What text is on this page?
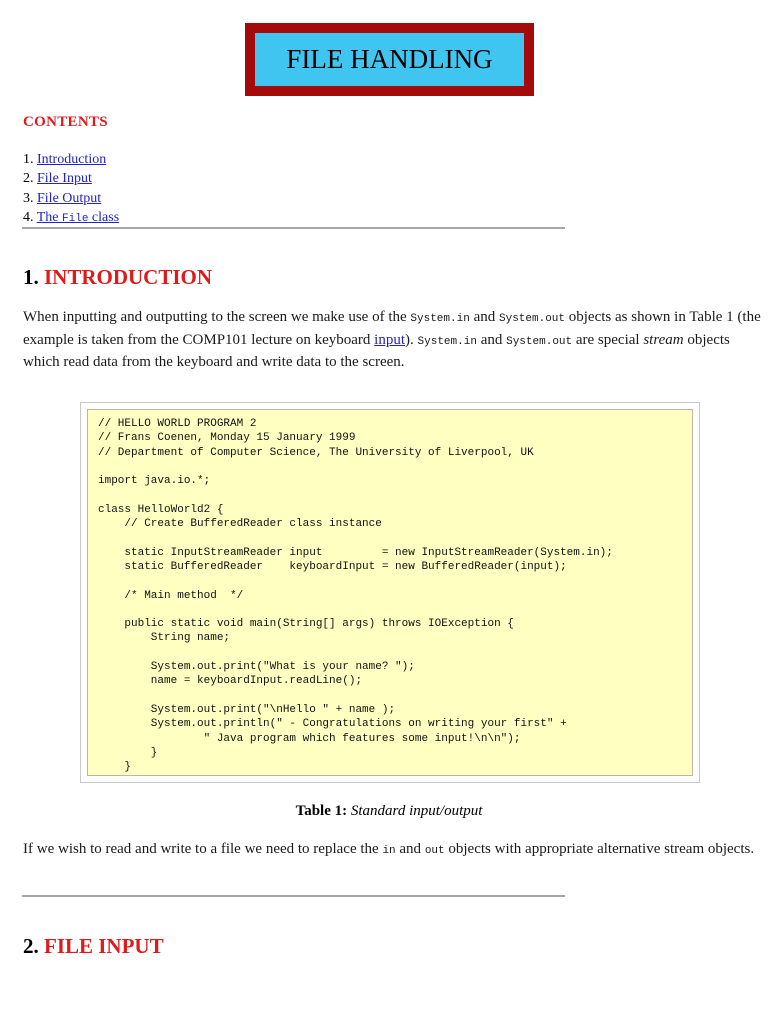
FILE HANDLING
CONTENTS
1. Introduction
2. File Input
3. File Output
4. The File class
1. INTRODUCTION

When inputting and outputting to the screen we make use of the System.in and System.out objects as shown in Table 1 (the example is taken from the COMP101 lecture on keyboard input). System.in and System.out are special stream objects which read data from the keyboard and write data to the screen.

// HELLO WORLD PROGRAM 2
// Frans Coenen, Monday 15 January 1999
// Department of Computer Science, The University of Liverpool, UK

import java.io.*;

class HelloWorld2 {
// Create BufferedReader class instance

static InputStreamReader input         = new InputStreamReader(System.in);
static BufferedReader    keyboardInput = new BufferedReader(input);

/* Main method  */

public static void main(String[] args) throws IOException {
String name;

System.out.print("What is your name? ");
name = keyboardInput.readLine();

System.out.print("\nHello " + name );
System.out.println(" - Congratulations on writing your first" +
" Java program which features some input!\n\n");
}
}
Table 1: Standard input/output

If we wish to read and write to a file we need to replace the in and out objects with appropriate alternative stream objects.

2. FILE INPUT
